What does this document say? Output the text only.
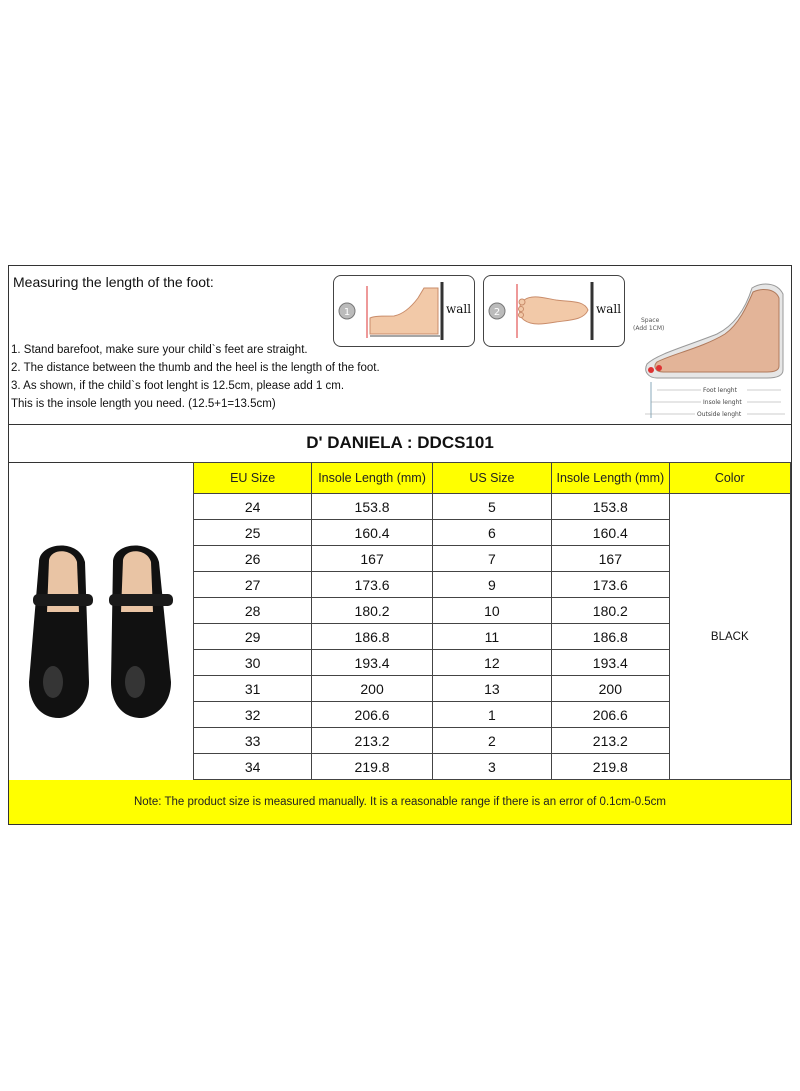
Measuring the length of the foot:
1. Stand barefoot, make sure your child`s feet are straight.
2. The distance between the thumb and the heel is the length of the foot.
3. As shown, if the child`s foot lenght is 12.5cm, please add 1 cm.
This is the insole length you need. (12.5+1=13.5cm)
1	wall 2	wall
Space
(Add 1CM)
Foot lenght
Insole lenght
Outside lenght
D' DANIELA : DDCS101
EU Size	Insole Length (mm)	US Size	Insole Length (mm)	Color
24	153.8	5	153.8	BLACK
25	160.4	6	160.4	
26	167	7	167	
27	173.6	9	173.6	
28	180.2	10	180.2	
29	186.8	11	186.8	
30	193.4	12	193.4	
31	200	13	200	
32	206.6	1	206.6	
33	213.2	2	213.2	
34	219.8	3	219.8	
Note: The product size is measured manually. It is a reasonable range if there is an error of 0.1cm-0.5cm
